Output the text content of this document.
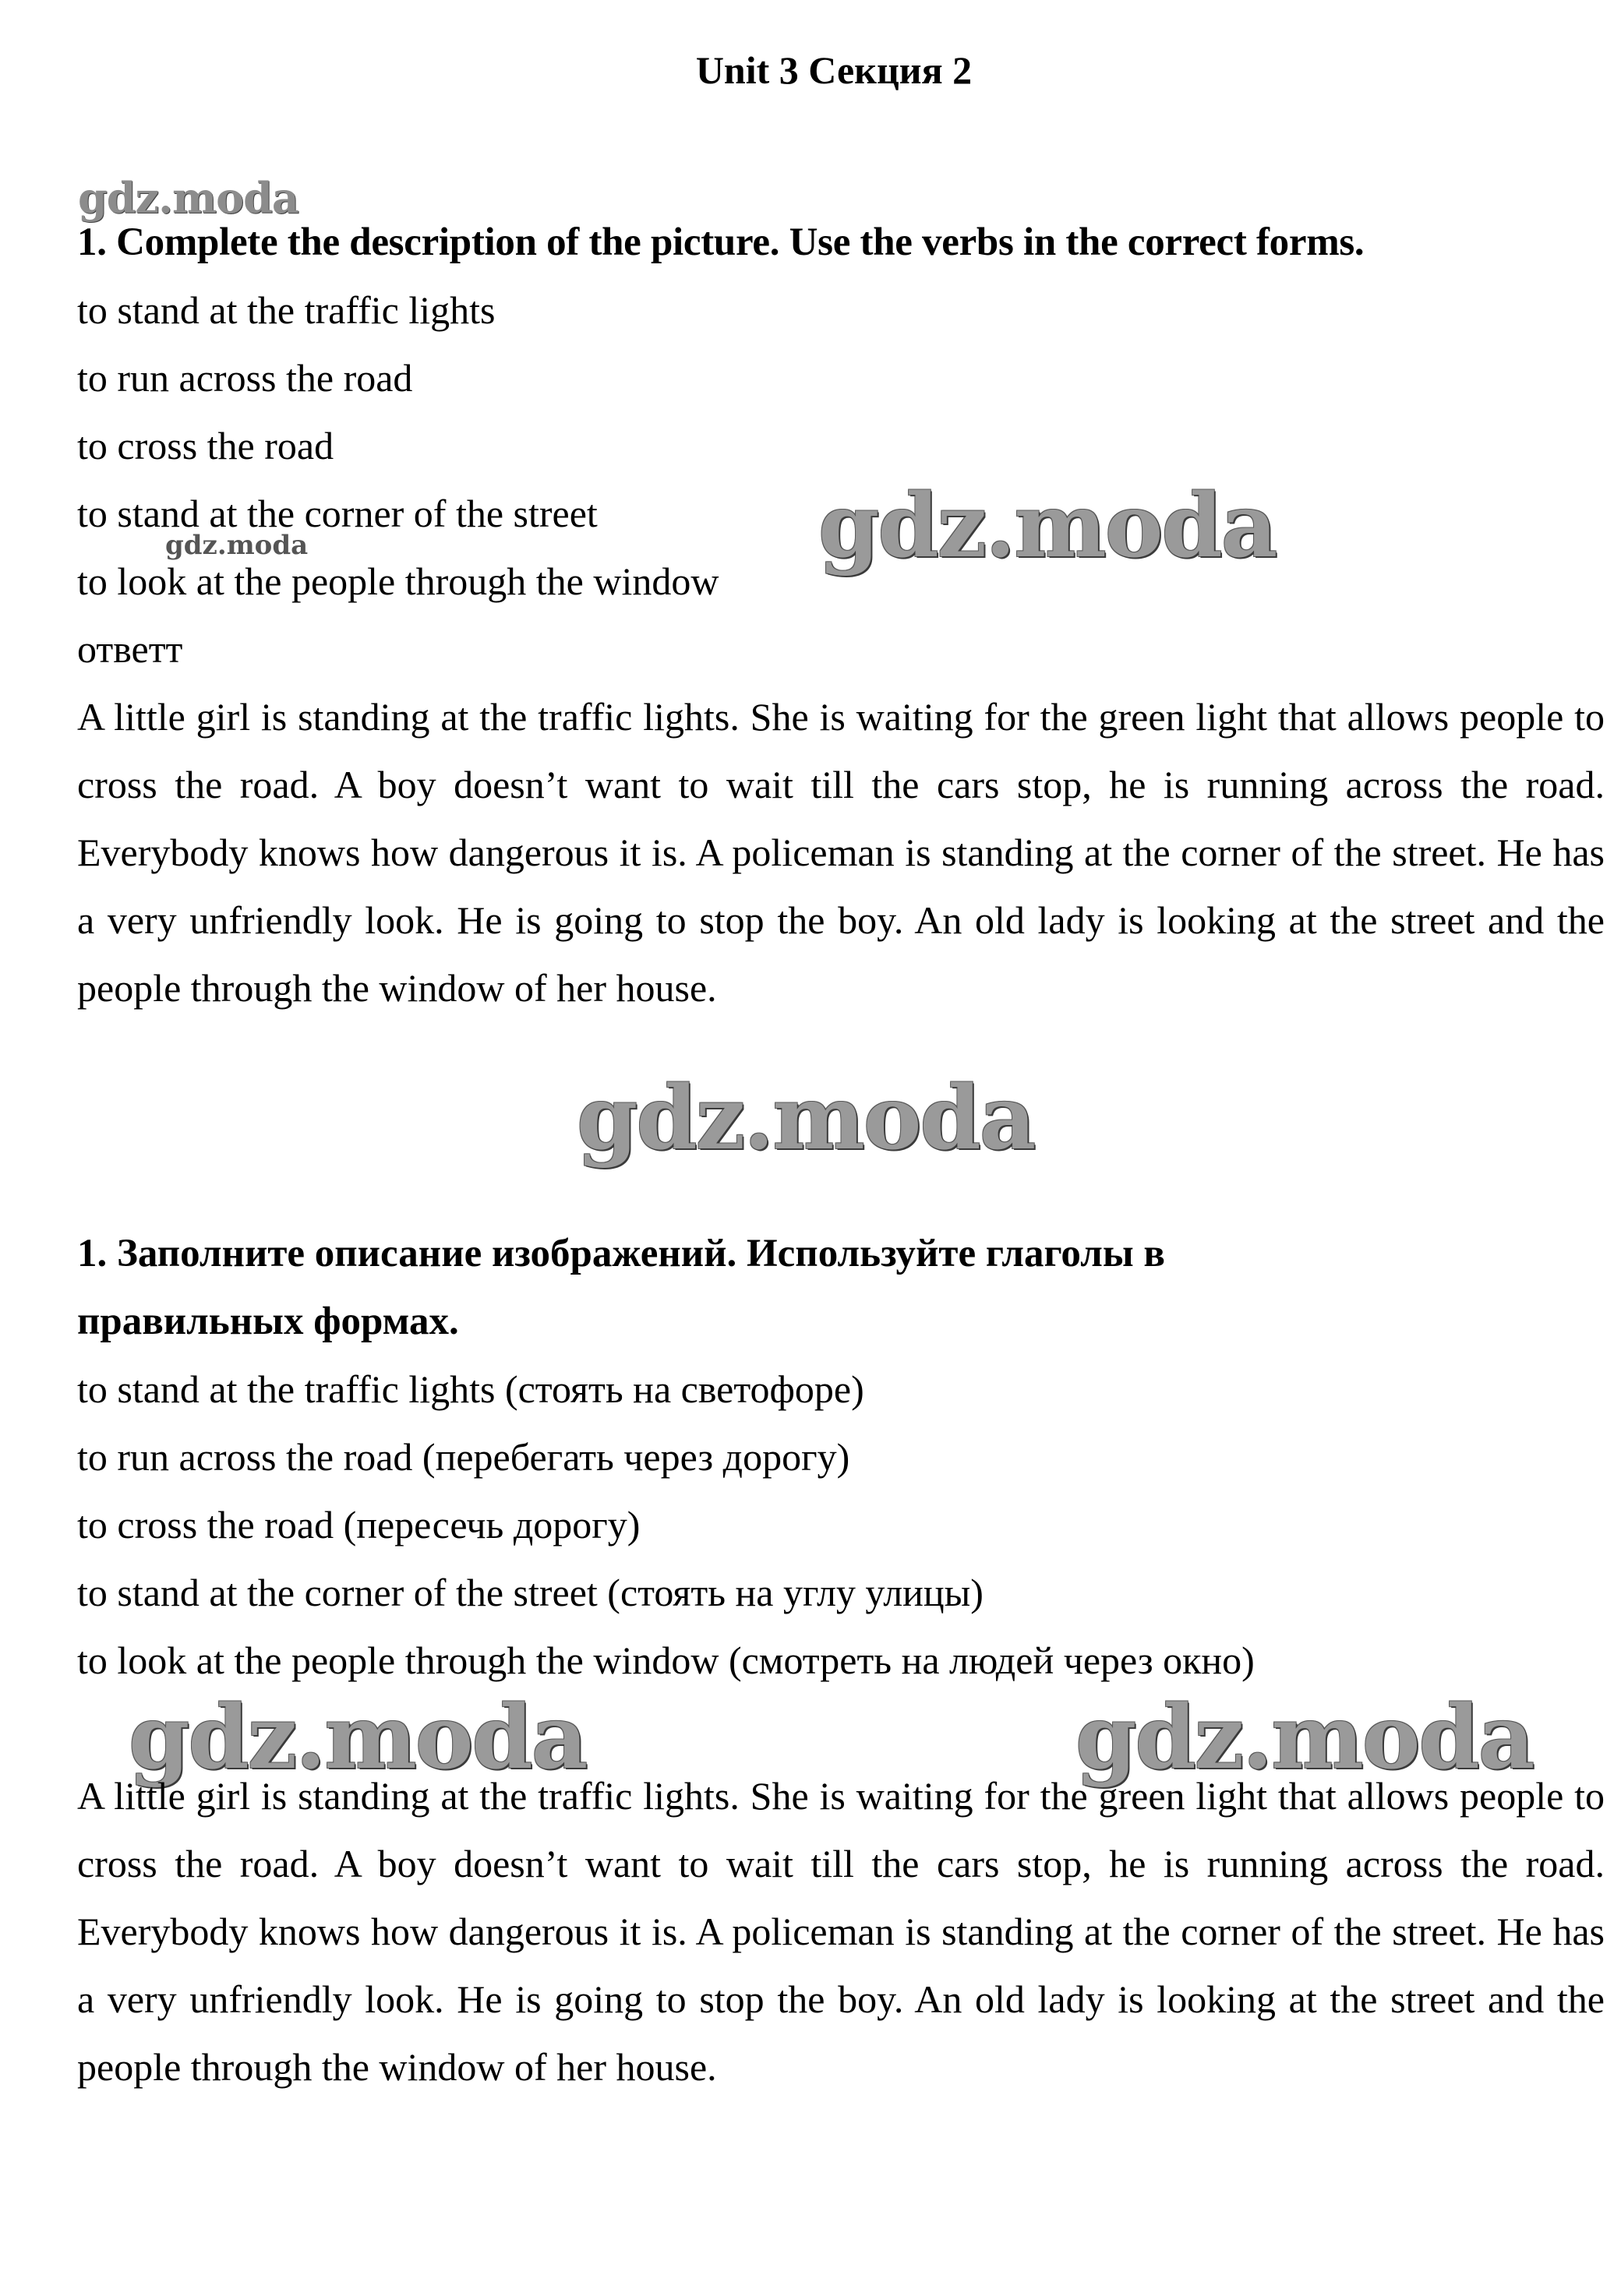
Unit 3 Секция 2
gdz.moda
gdz.moda
gdz.moda
gdz.moda
gdz.moda	gdz.moda
1. Complete the description of the picture. Use the verbs in the correct forms.
to stand at the traffic lights
to run across the road
to cross the road
to stand at the corner of the street
to look at the people through the window
ответт
A little girl is standing at the traffic lights. She is waiting for the green light that allows people to cross the road. A boy doesn’t want to wait till the cars stop, he is running across the road. Everybody knows how dangerous it is. A policeman is standing at the corner of the street. He has a very unfriendly look. He is going to stop the boy. An old lady is looking at the street and the people through the window of her house.
1. Заполните описание изображений. Используйте глаголы в правильных формах.
to stand at the traffic lights (стоять на светофоре)
to run across the road (перебегать через дорогу)
to cross the road (пересечь дорогу)
to stand at the corner of the street (стоять на углу улицы)
to look at the people through the window (смотреть на людей через окно)
A little girl is standing at the traffic lights. She is waiting for the green light that allows people to cross the road. A boy doesn’t want to wait till the cars stop, he is running across the road. Everybody knows how dangerous it is. A policeman is standing at the corner of the street. He has a very unfriendly look. He is going to stop the boy. An old lady is looking at the street and the people through the window of her house.
